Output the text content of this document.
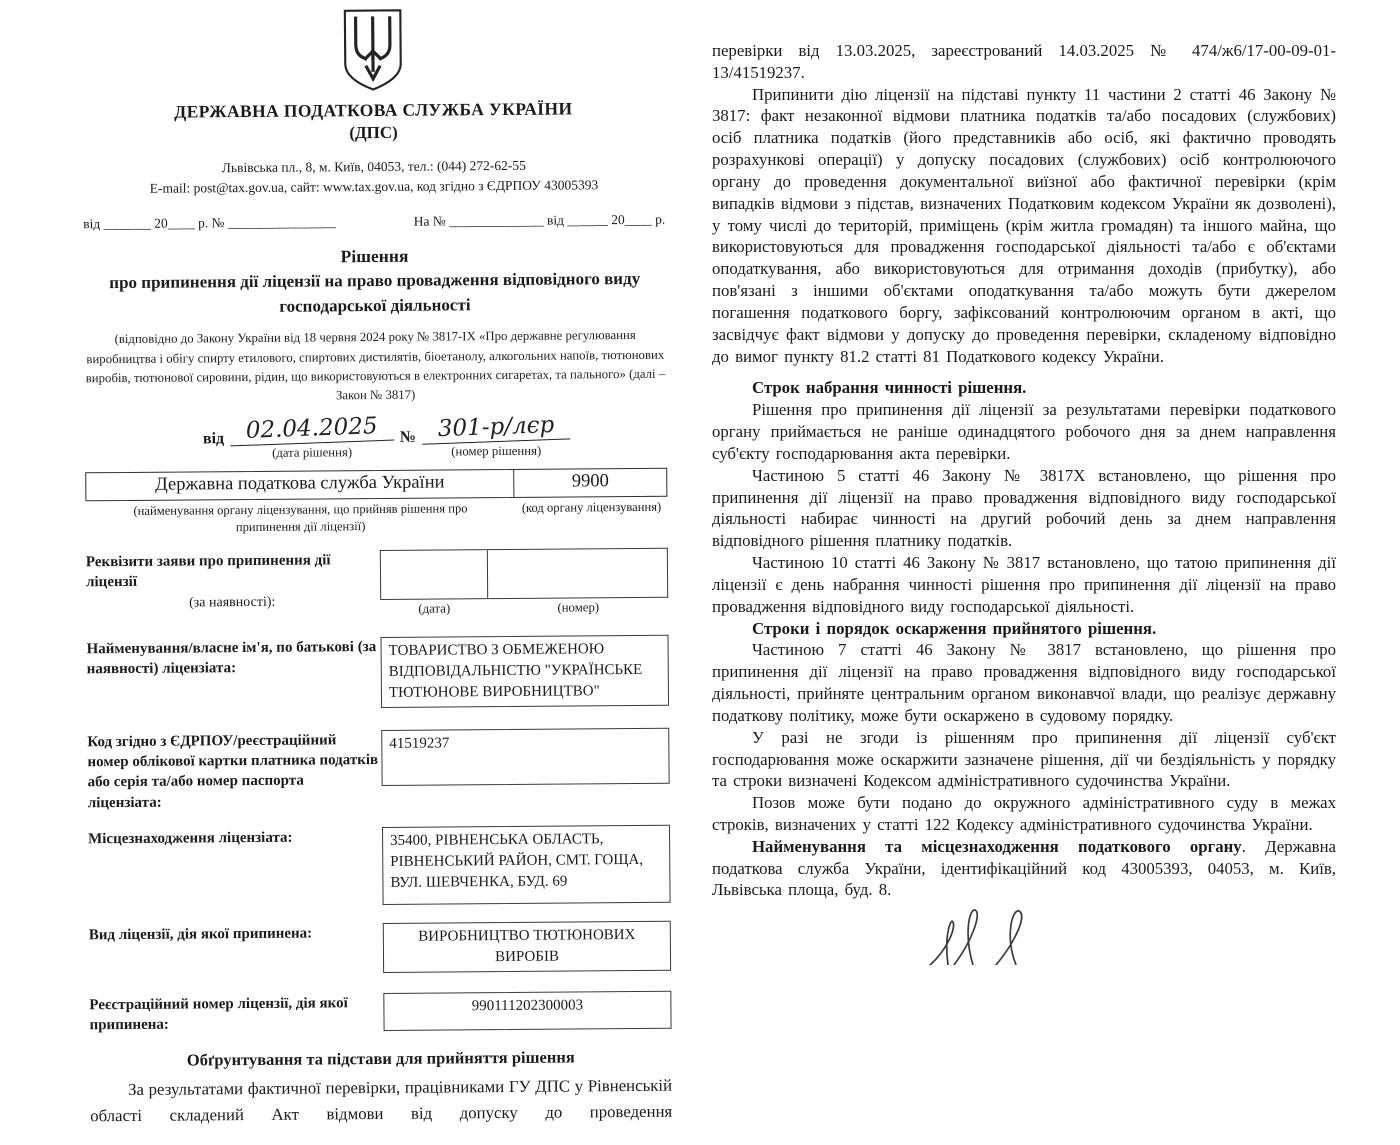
ДЕРЖАВНА ПОДАТКОВА СЛУЖБА УКРАЇНИ
(ДПС)
Львівська пл., 8, м. Київ, 04053, тел.: (044) 272-62-55
E-mail: post@tax.gov.ua, сайт: www.tax.gov.ua, код згідно з ЄДРПОУ 43005393
від _______ 20____ р. № ________________	На № ______________ від ______ 20____ р.
Рішення
про припинення дії ліцензії на право провадження відповідного виду господарської діяльності
(відповідно до Закону України від 18 червня 2024 року № 3817-ІХ «Про державне регулювання виробництва і обігу спирту етилового, спиртових дистилятів, біоетанолу, алкогольних напоїв, тютюнових виробів, тютюнової сировини, рідин, що використовуються в електронних сигаретах, та пального» (далі – Закон № 3817)
від 02.04.2025
(дата рішення)
№ 301-р/лєр
(номер рішення)
Державна податкова служба України	9900
(найменування органу ліцензування, що прийняв рішення про припинення дії ліцензії)
(код органу ліцензування)
Реквізити заяви про припинення дії ліцензії
(за наявності):	(дата)	(номер)
Найменування/власне ім'я, по батькові (за наявності) ліцензіата:
ТОВАРИСТВО З ОБМЕЖЕНОЮ ВІДПОВІДАЛЬНІСТЮ "УКРАЇНСЬКЕ ТЮТЮНОВЕ ВИРОБНИЦТВО"
Код згідно з ЄДРПОУ/реєстраційний номер облікової картки платника податків або серія та/або номер паспорта ліцензіата:
41519237
Місцезнаходження ліцензіата:	35400, РІВНЕНСЬКА ОБЛАСТЬ, РІВНЕНСЬКИЙ РАЙОН, СМТ. ГОЩА, ВУЛ. ШЕВЧЕНКА, БУД. 69
Вид ліцензії, дія якої припинена:	ВИРОБНИЦТВО ТЮТЮНОВИХ ВИРОБІВ
Реєстраційний номер ліцензії, дія якої припинена:
990111202300003
Обґрунтування та підстави для прийняття рішення

За результатами фактичної перевірки, працівниками ГУ ДПС у Рівненській області складений Акт відмови від допуску до проведення

перевірки від 13.03.2025, зареєстрований 14.03.2025 № 474/ж6/17-00-09-01-13/41519237.

Припинити дію ліцензії на підставі пункту 11 частини 2 статті 46 Закону № 3817: факт незаконної відмови платника податків та/або посадових (службових) осіб платника податків (його представників або осіб, які фактично проводять розрахункові операції) у допуску посадових (службових) осіб контролюючого органу до проведення документальної виїзної або фактичної перевірки (крім випадків відмови з підстав, визначених Податковим кодексом України як дозволені), у тому числі до територій, приміщень (крім житла громадян) та іншого майна, що використовуються для провадження господарської діяльності та/або є об'єктами оподаткування, або використовуються для отримання доходів (прибутку), або пов'язані з іншими об'єктами оподаткування та/або можуть бути джерелом погашення податкового боргу, зафіксований контролюючим органом в акті, що засвідчує факт відмови у допуску до проведення перевірки, складеному відповідно до вимог пункту 81.2 статті 81 Податкового кодексу України.

Строк набрання чинності рішення.

Рішення про припинення дії ліцензії за результатами перевірки податкового органу приймається не раніше одинадцятого робочого дня за днем направлення суб'єкту господарювання акта перевірки.

Частиною 5 статті 46 Закону № 3817Х встановлено, що рішення про припинення дії ліцензії на право провадження відповідного виду господарської діяльності набирає чинності на другий робочий день за днем направлення відповідного рішення платнику податків.

Частиною 10 статті 46 Закону № 3817 встановлено, що татою припинення дії ліцензії є день набрання чинності рішення про припинення дії ліцензії на право провадження відповідного виду господарської діяльності.

Строки і порядок оскарження прийнятого рішення.

Частиною 7 статті 46 Закону № 3817 встановлено, що рішення про припинення дії ліцензії на право провадження відповідного виду господарської діяльності, прийняте центральним органом виконавчої влади, що реалізує державну податкову політику, може бути оскаржено в судовому порядку.

У разі не згоди із рішенням про припинення дії ліцензії суб'єкт господарювання може оскаржити зазначене рішення, дії чи бездіяльність у порядку та строки визначені Кодексом адміністративного судочинства України.

Позов може бути подано до окружного адміністративного суду в межах строків, визначених у статті 122 Кодексу адміністративного судочинства України.

Найменування та місцезнаходження податкового органу. Державна податкова служба України, ідентифікаційний код 43005393, 04053, м. Київ, Львівська площа, буд. 8.
